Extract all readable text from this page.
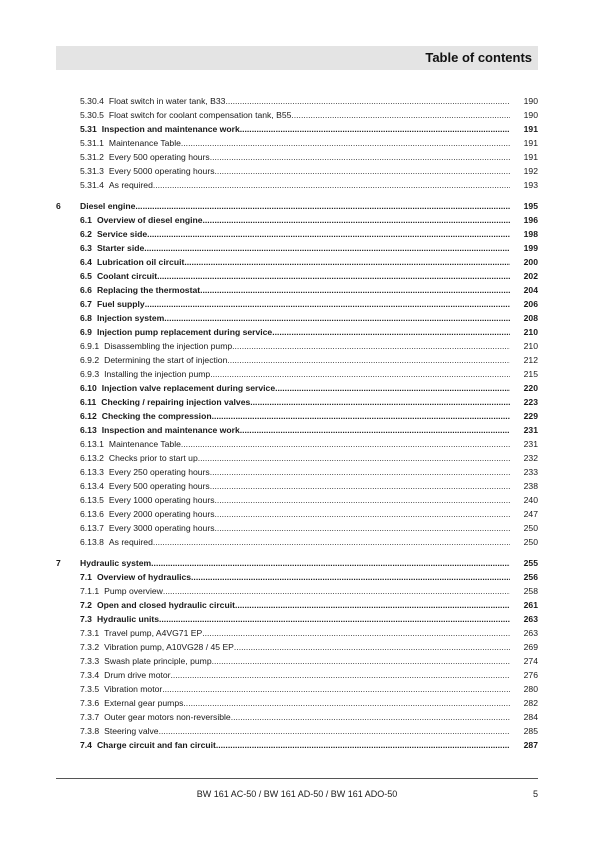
Table of contents
5.30.4 Float switch in water tank, B33 .....	190
5.30.5 Float switch for coolant compensation tank, B55 .....	190
5.31 Inspection and maintenance work .....	191
5.31.1 Maintenance Table .....	191
5.31.2 Every 500 operating hours .....	191
5.31.3 Every 5000 operating hours .....	192
5.31.4 As required .....	193
6 Diesel engine .....	195
6.1 Overview of diesel engine .....	196
6.2 Service side .....	198
6.3 Starter side .....	199
6.4 Lubrication oil circuit .....	200
6.5 Coolant circuit .....	202
6.6 Replacing the thermostat .....	204
6.7 Fuel supply .....	206
6.8 Injection system .....	208
6.9 Injection pump replacement during service .....	210
6.9.1 Disassembling the injection pump .....	210
6.9.2 Determining the start of injection .....	212
6.9.3 Installing the injection pump .....	215
6.10 Injection valve replacement during service .....	220
6.11 Checking / repairing injection valves .....	223
6.12 Checking the compression .....	229
6.13 Inspection and maintenance work .....	231
6.13.1 Maintenance Table .....	231
6.13.2 Checks prior to start up .....	232
6.13.3 Every 250 operating hours .....	233
6.13.4 Every 500 operating hours .....	238
6.13.5 Every 1000 operating hours .....	240
6.13.6 Every 2000 operating hours .....	247
6.13.7 Every 3000 operating hours .....	250
6.13.8 As required .....	250
7 Hydraulic system .....	255
7.1 Overview of hydraulics .....	256
7.1.1 Pump overview .....	258
7.2 Open and closed hydraulic circuit .....	261
7.3 Hydraulic units .....	263
7.3.1 Travel pump, A4VG71 EP .....	263
7.3.2 Vibration pump, A10VG28 / 45 EP .....	269
7.3.3 Swash plate principle, pump .....	274
7.3.4 Drum drive motor .....	276
7.3.5 Vibration motor .....	280
7.3.6 External gear pumps .....	282
7.3.7 Outer gear motors non-reversible .....	284
7.3.8 Steering valve .....	285
7.4 Charge circuit and fan circuit .....	287
BW 161 AC-50 / BW 161 AD-50 / BW 161 ADO-50	5
